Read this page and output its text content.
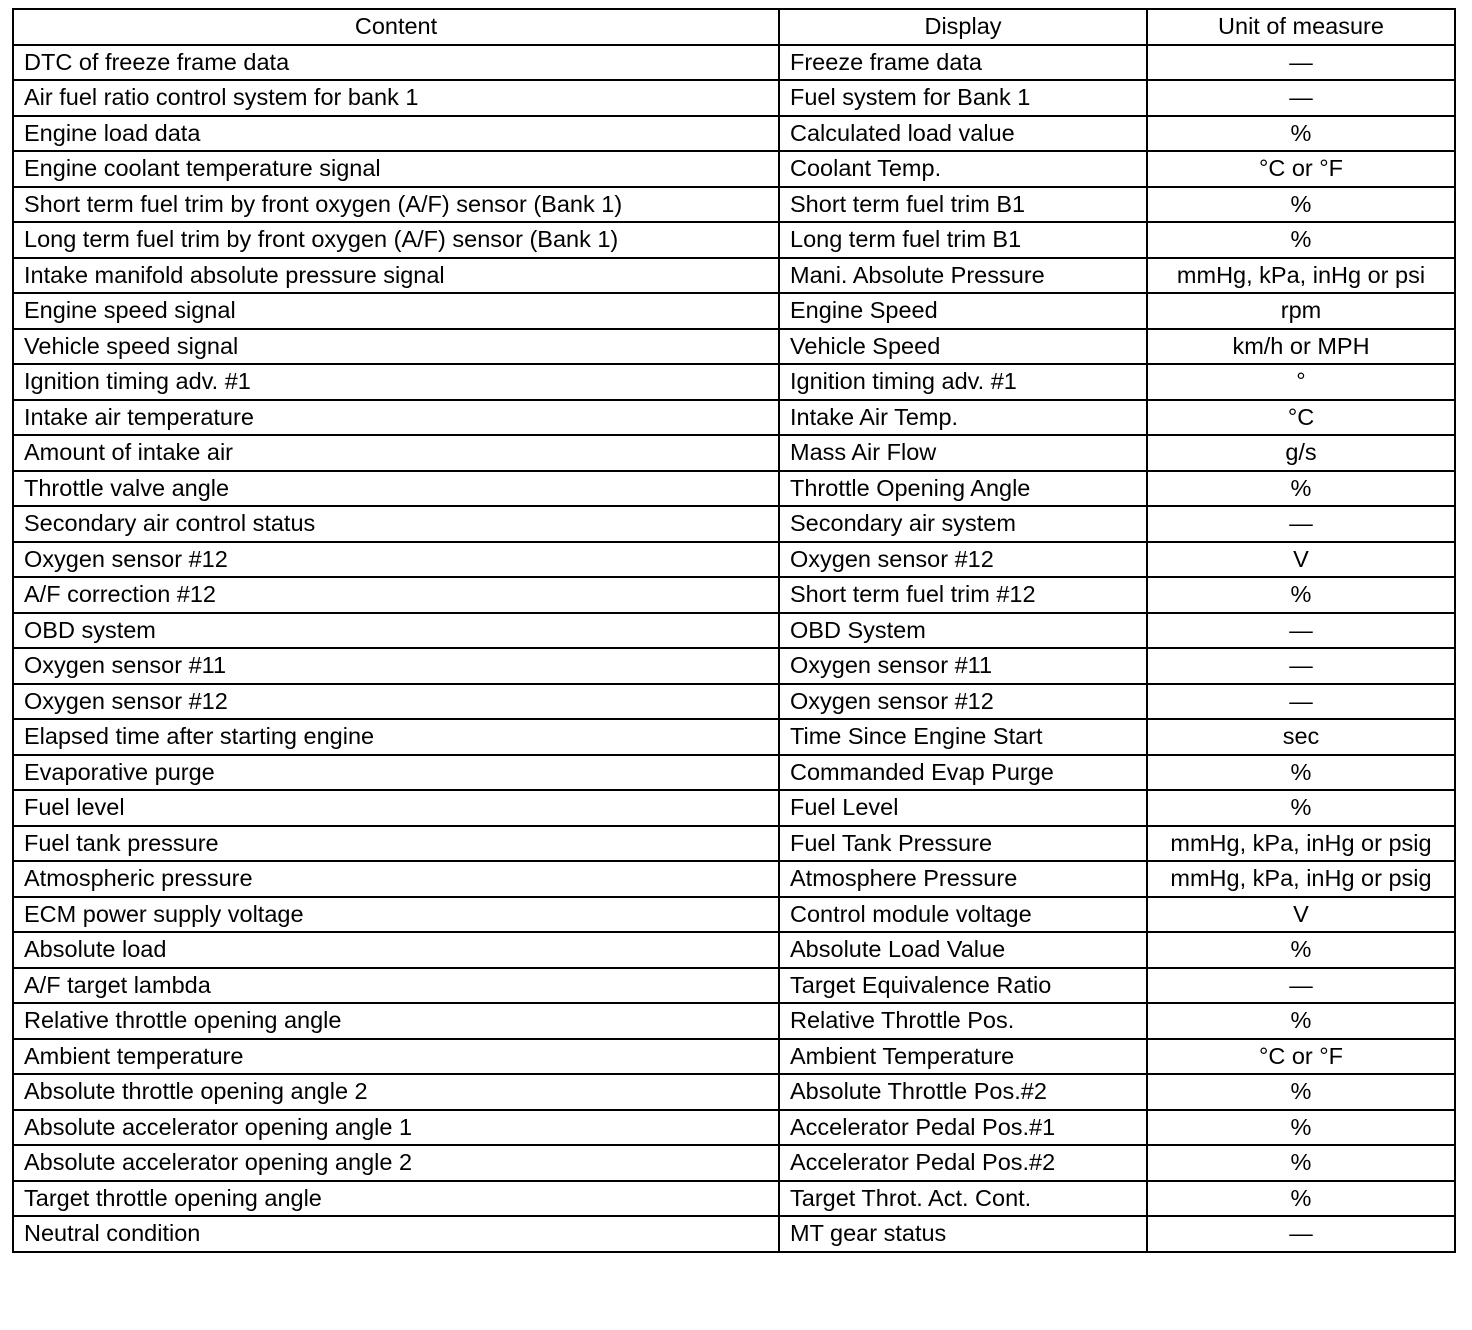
Content	Display	Unit of measure
DTC of freeze frame data	Freeze frame data	—
Air fuel ratio control system for bank 1	Fuel system for Bank 1	—
Engine load data	Calculated load value	%
Engine coolant temperature signal	Coolant Temp.	°C or °F
Short term fuel trim by front oxygen (A/F) sensor (Bank 1)	Short term fuel trim B1	%
Long term fuel trim by front oxygen (A/F) sensor (Bank 1)	Long term fuel trim B1	%
Intake manifold absolute pressure signal	Mani. Absolute Pressure	mmHg, kPa, inHg or psi
Engine speed signal	Engine Speed	rpm
Vehicle speed signal	Vehicle Speed	km/h or MPH
Ignition timing adv. #1	Ignition timing adv. #1	°
Intake air temperature	Intake Air Temp.	°C
Amount of intake air	Mass Air Flow	g/s
Throttle valve angle	Throttle Opening Angle	%
Secondary air control status	Secondary air system	—
Oxygen sensor #12	Oxygen sensor #12	V
A/F correction #12	Short term fuel trim #12	%
OBD system	OBD System	—
Oxygen sensor #11	Oxygen sensor #11	—
Oxygen sensor #12	Oxygen sensor #12	—
Elapsed time after starting engine	Time Since Engine Start	sec
Evaporative purge	Commanded Evap Purge	%
Fuel level	Fuel Level	%
Fuel tank pressure	Fuel Tank Pressure	mmHg, kPa, inHg or psig
Atmospheric pressure	Atmosphere Pressure	mmHg, kPa, inHg or psig
ECM power supply voltage	Control module voltage	V
Absolute load	Absolute Load Value	%
A/F target lambda	Target Equivalence Ratio	—
Relative throttle opening angle	Relative Throttle Pos.	%
Ambient temperature	Ambient Temperature	°C or °F
Absolute throttle opening angle 2	Absolute Throttle Pos.#2	%
Absolute accelerator opening angle 1	Accelerator Pedal Pos.#1	%
Absolute accelerator opening angle 2	Accelerator Pedal Pos.#2	%
Target throttle opening angle	Target Throt. Act. Cont.	%
Neutral condition	MT gear status	—
